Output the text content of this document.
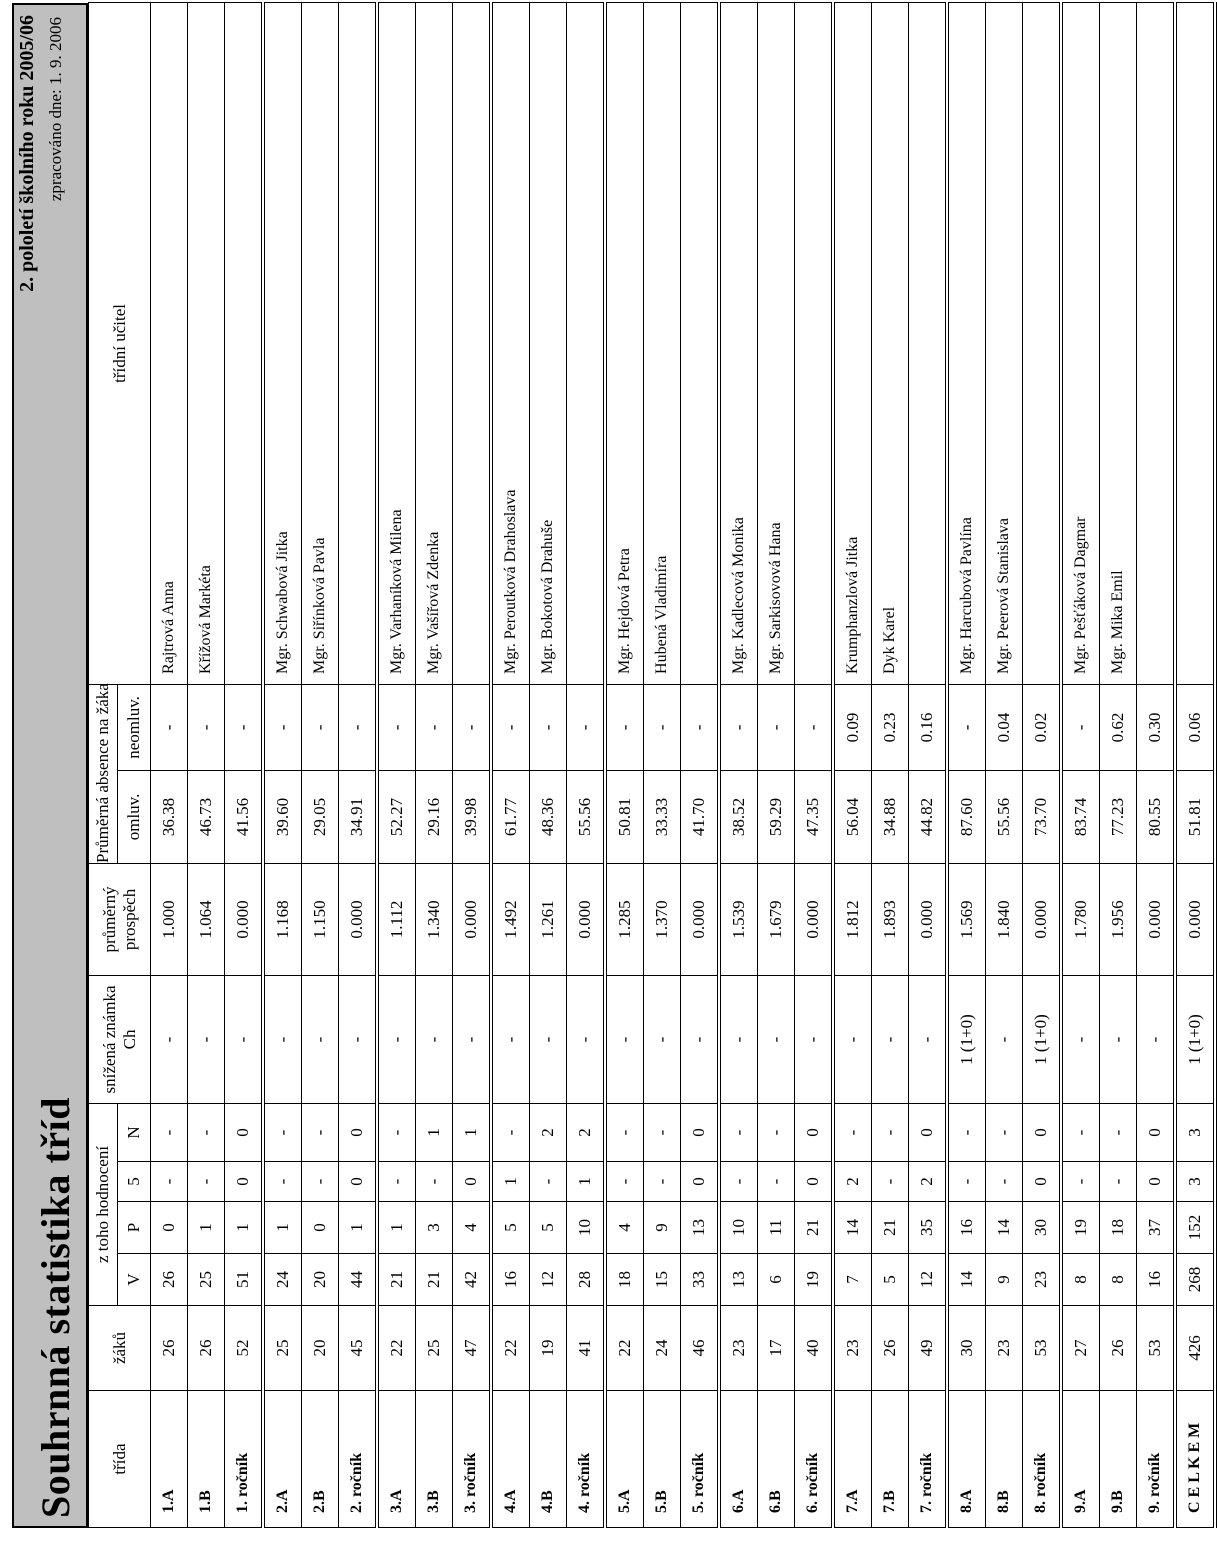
Souhrnná statistika tříd
2. pololetí školního roku 2005/06 zpracováno dne: 1. 9. 2006
třída	žáků	z toho hodnocení				snížená známka Ch	průměrný prospěch	Průměrná absence na žáka		třídní učitel
		V	P	5	N			omluv.	neomluv.	
1.A	26	26	0	-	-	-	1.000	36.38	-	Rajtrová Anna
1.B	26	25	1	-	-	-	1.064	46.73	-	Křížová Markéta
1. ročník	52	51	1	0	0	-	0.000	41.56	-	
2.A	25	24	1	-	-	-	1.168	39.60	-	Mgr. Schwabová Jitka
2.B	20	20	0	-	-	-	1.150	29.05	-	Mgr. Siřínková Pavla
2. ročník	45	44	1	0	0	-	0.000	34.91	-	
3.A	22	21	1	-	-	-	1.112	52.27	-	Mgr. Varhaníková Milena
3.B	25	21	3	-	1	-	1.340	29.16	-	Mgr. Vašířová Zdenka
3. ročník	47	42	4	0	1	-	0.000	39.98	-	
4.A	22	16	5	1	-	-	1.492	61.77	-	Mgr. Peroutková Drahoslava
4.B	19	12	5	-	2	-	1.261	48.36	-	Mgr. Bokotová Drahuše
4. ročník	41	28	10	1	2	-	0.000	55.56	-	
5.A	22	18	4	-	-	-	1.285	50.81	-	Mgr. Hejdová Petra
5.B	24	15	9	-	-	-	1.370	33.33	-	Hubená Vladimíra
5. ročník	46	33	13	0	0	-	0.000	41.70	-	
6.A	23	13	10	-	-	-	1.539	38.52	-	Mgr. Kadlecová Monika
6.B	17	6	11	-	-	-	1.679	59.29	-	Mgr. Sarkisovová Hana
6. ročník	40	19	21	0	0	-	0.000	47.35	-	
7.A	23	7	14	2	-	-	1.812	56.04	0.09	Krumphanzlová Jitka
7.B	26	5	21	-	-	-	1.893	34.88	0.23	Dyk Karel
7. ročník	49	12	35	2	0	-	0.000	44.82	0.16	
8.A	30	14	16	-	-	1 (1+0)	1.569	87.60	-	Mgr. Harcubová Pavlína
8.B	23	9	14	-	-	-	1.840	55.56	0.04	Mgr. Peerová Stanislava
8. ročník	53	23	30	0	0	1 (1+0)	0.000	73.70	0.02	
9.A	27	8	19	-	-	-	1.780	83.74	-	Mgr. Pešťáková Dagmar
9.B	26	8	18	-	-	-	1.956	77.23	0.62	Mgr. Mika Emil
9. ročník	53	16	37	0	0	-	0.000	80.55	0.30	
C E L K E M	426	268	152	3	3	1 (1+0)	0.000	51.81	0.06	
